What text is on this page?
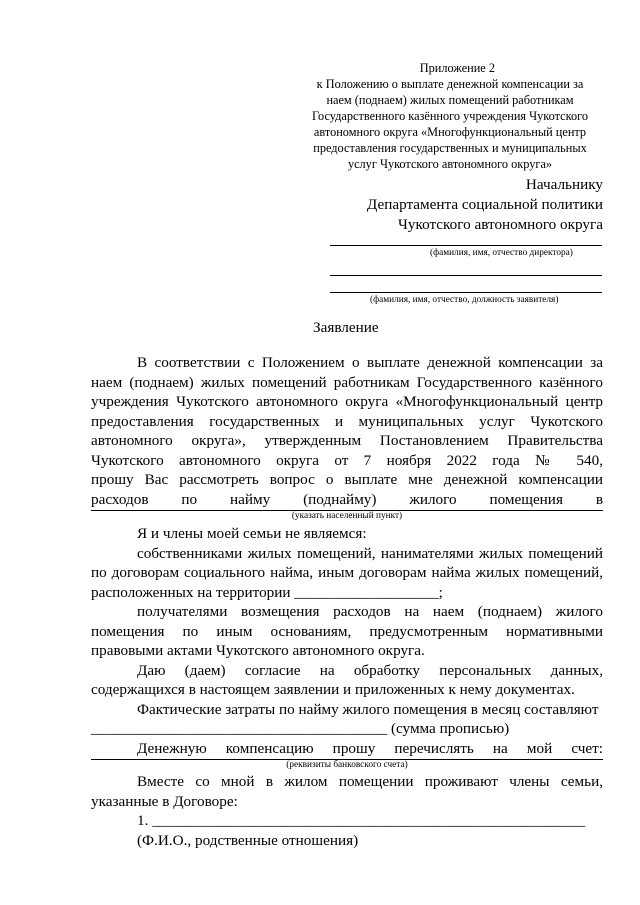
Приложение 2
к Положению о выплате денежной компенсации за
наем (поднаем) жилых помещений работникам
Государственного казённого учреждения Чукотского
автономного округа «Многофункциональный центр
предоставления государственных и муниципальных
услуг Чукотского автономного округа»
Начальнику
Департамента социальной политики
Чукотского автономного округа
(фамилия, имя, отчество директора)
(фамилия, имя, отчество, должность заявителя)
Заявление
В соответствии с Положением о выплате денежной компенсации за
наем (поднаем) жилых помещений работникам Государственного казённого
учреждения Чукотского автономного округа «Многофункциональный центр
предоставления государственных и муниципальных услуг Чукотского
автономного округа», утвержденным Постановлением Правительства
Чукотского автономного округа от 7 ноября 2022 года № 540,
прошу Вас рассмотреть вопрос о выплате мне денежной компенсации
расходов по найму (поднайму) жилого помещения в
(указать населенный пункт)
Я и члены моей семьи не являемся:
собственниками жилых помещений, нанимателями жилых помещений
по договорам социального найма, иным договорам найма жилых помещений,
расположенных на территории ___________________;
получателями возмещения расходов на наем (поднаем) жилого
помещения по иным основаниям, предусмотренным нормативными
правовыми актами Чукотского автономного округа.
Даю (даем) согласие на обработку персональных данных,
содержащихся в настоящем заявлении и приложенных к нему документах.
Фактические затраты по найму жилого помещения в месяц составляют
_______________________________________ (сумма прописью)
Денежную компенсацию прошу перечислять на мой счет:
(реквизиты банковского счета)
Вместе со мной в жилом помещении проживают члены семьи,
указанные в Договоре:
1. _________________________________________________________
(Ф.И.О., родственные отношения)
